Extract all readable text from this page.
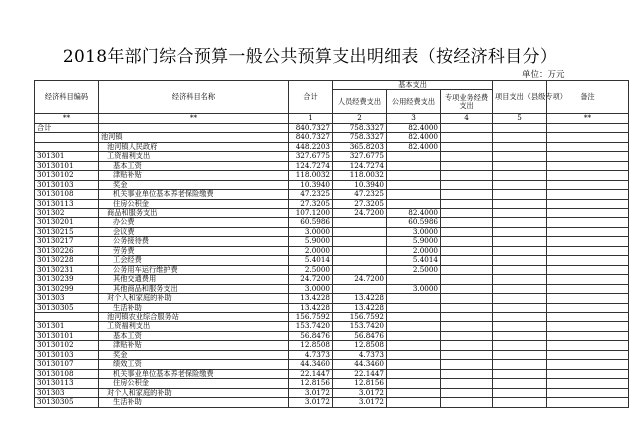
2018年部门综合预算一般公共预算支出明细表（按经济科目分）
单位：万元
经济科目编码	经济科目名称	合计	基本支出			项目支出（县级专项）	备注
			人员经费支出	公用经费支出	专项业务经费支出		
**	**	1	2	3	4	5	**
合计		840.7327	758.3327	82.4000			
	池河镇	840.7327	758.3327	82.4000			
	池河镇人民政府	448.2203	365.8203	82.4000			
301301	工资福利支出	327.6775	327.6775				
30130101	基本工资	124.7274	124.7274				
30130102	津贴补贴	118.0032	118.0032				
30130103	奖金	10.3940	10.3940				
30130108	机关事业单位基本养老保险缴费	47.2325	47.2325				
30130113	住房公积金	27.3205	27.3205				
301302	商品和服务支出	107.1200	24.7200	82.4000			
30130201	办公费	60.5986		60.5986			
30130215	会议费	3.0000		3.0000			
30130217	公务接待费	5.9000		5.9000			
30130226	劳务费	2.0000		2.0000			
30130228	工会经费	5.4014		5.4014			
30130231	公务用车运行维护费	2.5000		2.5000			
30130239	其他交通费用	24.7200	24.7200				
30130299	其他商品和服务支出	3.0000		3.0000			
301303	对个人和家庭的补助	13.4228	13.4228				
30130305	生活补助	13.4228	13.4228				
	池河镇农业综合服务站	156.7592	156.7592				
301301	工资福利支出	153.7420	153.7420				
30130101	基本工资	56.8476	56.8476				
30130102	津贴补贴	12.8508	12.8508				
30130103	奖金	4.7373	4.7373				
30130107	绩效工资	44.3460	44.3460				
30130108	机关事业单位基本养老保险缴费	22.1447	22.1447				
30130113	住房公积金	12.8156	12.8156				
301303	对个人和家庭的补助	3.0172	3.0172				
30130305	生活补助	3.0172	3.0172				
